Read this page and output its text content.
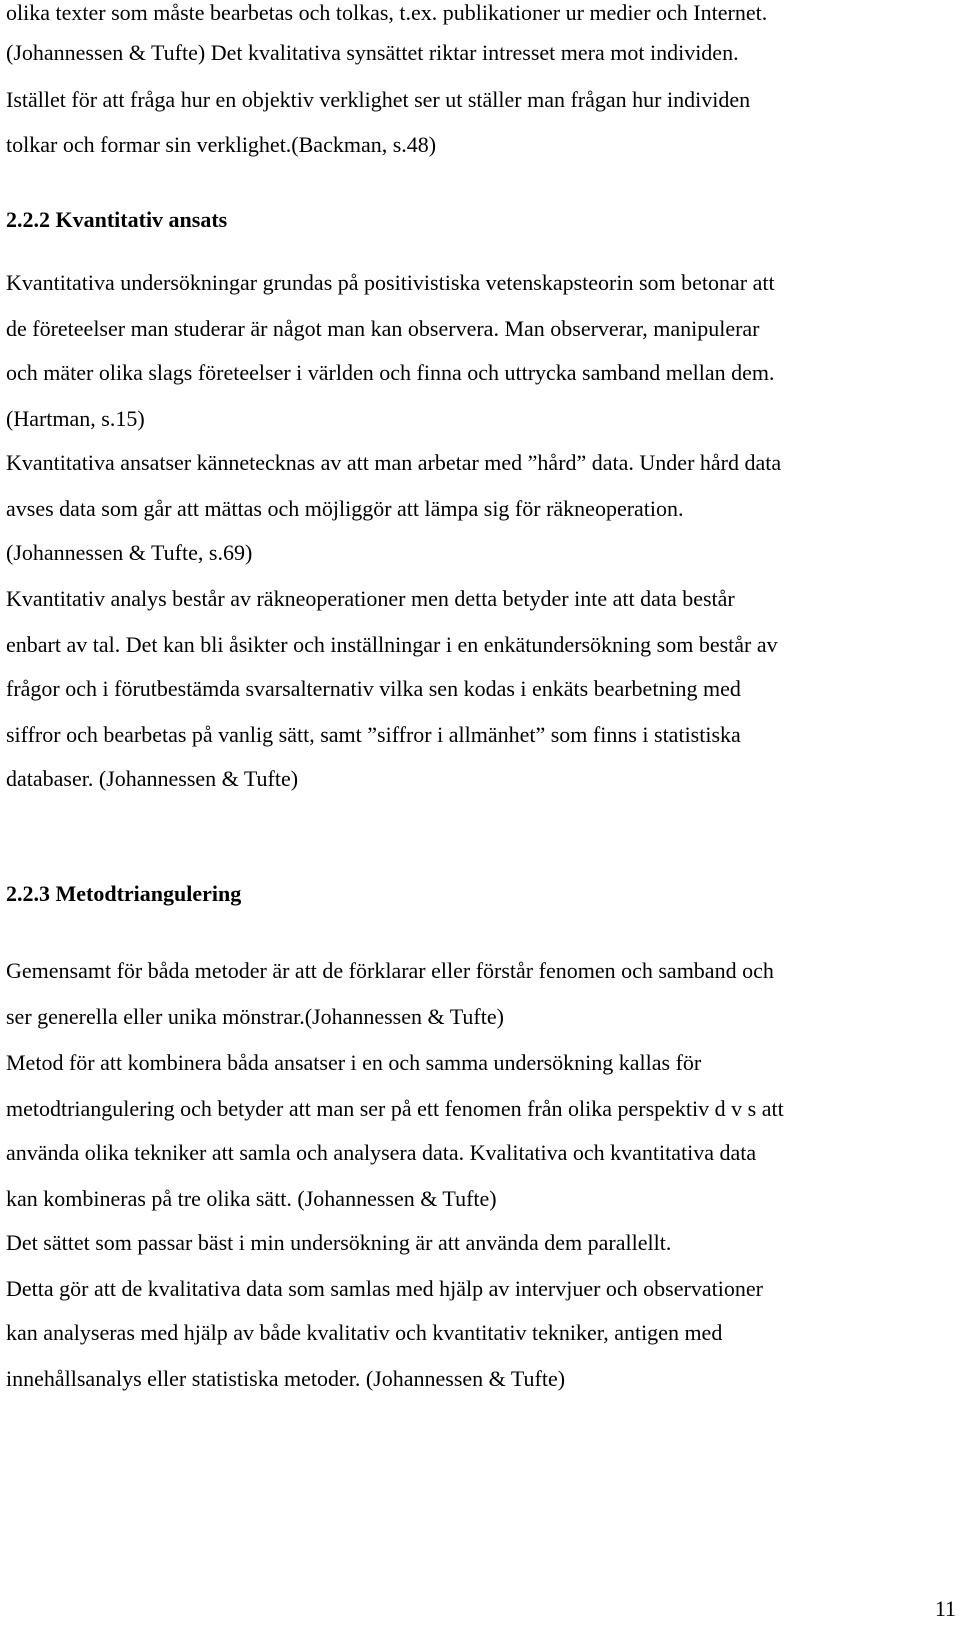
olika texter som måste bearbetas och tolkas, t.ex. publikationer ur medier och Internet.

(Johannessen & Tufte) Det kvalitativa synsättet riktar intresset mera mot individen.

Istället för att fråga hur en objektiv verklighet ser ut ställer man frågan hur individen

tolkar och formar sin verklighet.(Backman, s.48)

2.2.2 Kvantitativ ansats

Kvantitativa undersökningar grundas på positivistiska vetenskapsteorin som betonar att

de företeelser man studerar är något man kan observera. Man observerar, manipulerar

och mäter olika slags företeelser i världen och finna och uttrycka samband mellan dem.

(Hartman, s.15)

Kvantitativa ansatser kännetecknas av att man arbetar med ”hård” data. Under hård data

avses data som går att mättas och möjliggör att lämpa sig för räkneoperation.

(Johannessen & Tufte, s.69)

Kvantitativ analys består av räkneoperationer men detta betyder inte att data består

enbart av tal. Det kan bli åsikter och inställningar i en enkätundersökning som består av

frågor och i förutbestämda svarsalternativ vilka sen kodas i enkäts bearbetning med

siffror och bearbetas på vanlig sätt, samt ”siffror i allmänhet” som finns i statistiska

databaser. (Johannessen & Tufte)

2.2.3 Metodtriangulering

Gemensamt för båda metoder är att de förklarar eller förstår fenomen och samband och

ser generella eller unika mönstrar.(Johannessen & Tufte)

Metod för att kombinera båda ansatser i en och samma undersökning kallas för

metodtriangulering och betyder att man ser på ett fenomen från olika perspektiv d v s att

använda olika tekniker att samla och analysera data. Kvalitativa och kvantitativa data

kan kombineras på tre olika sätt. (Johannessen & Tufte)

Det sättet som passar bäst i min undersökning är att använda dem parallellt.

Detta gör att de kvalitativa data som samlas med hjälp av intervjuer och observationer

kan analyseras med hjälp av både kvalitativ och kvantitativ tekniker, antigen med

innehållsanalys eller statistiska metoder. (Johannessen & Tufte)

11
